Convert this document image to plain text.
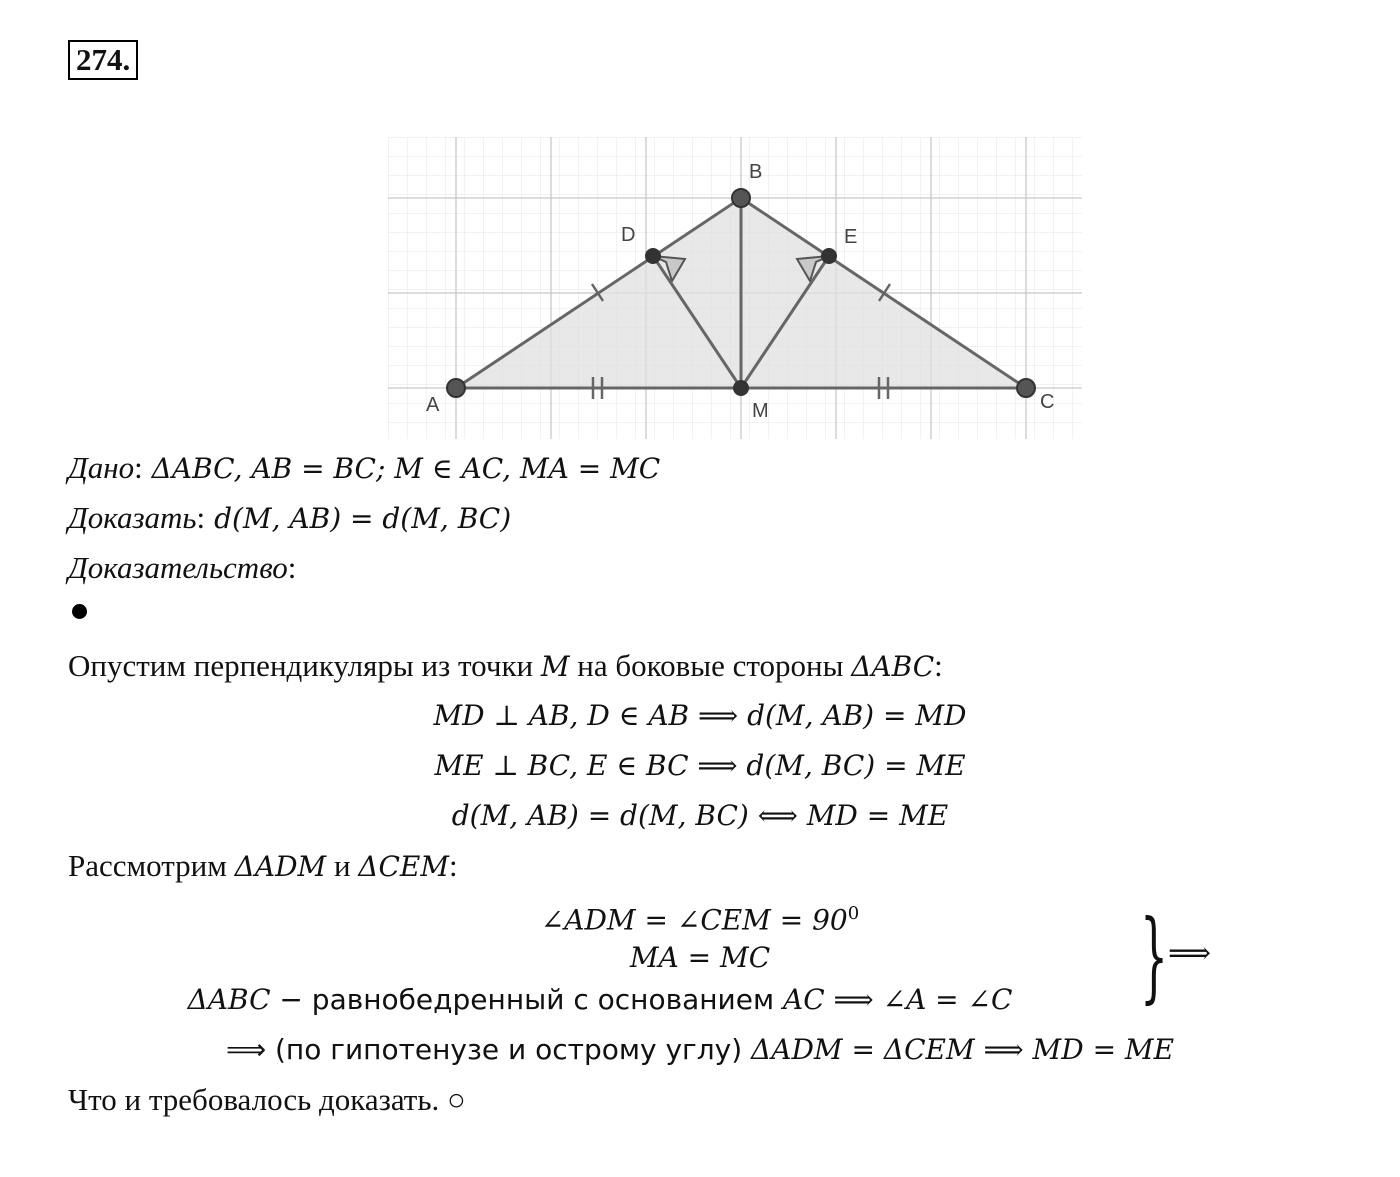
274.
A
B
C
D	E
M
Дано: ΔABC, AB = BC; M ∈ AC, MA = MC
Доказать: d(M, AB) = d(M, BC)
Доказательство:
Опустим перпендикуляры из точки M на боковые стороны ΔABC:
MD ⊥ AB, D ∈ AB ⟹ d(M, AB) = MD
ME ⊥ BC, E ∈ BC ⟹ d(M, BC) = ME
d(M, AB) = d(M, BC) ⟺ MD = ME
Рассмотрим ΔADM и ΔCEM:
∠ADM = ∠CEM = $90^0$
MA = MC
ΔABC − равнобедренный с основанием AC ⟹ ∠A = ∠C	} ⟹
⟹ (по гипотенузе и острому углу) ΔADM = ΔCEM ⟹ MD = ME
Что и требовалось доказать. ○
